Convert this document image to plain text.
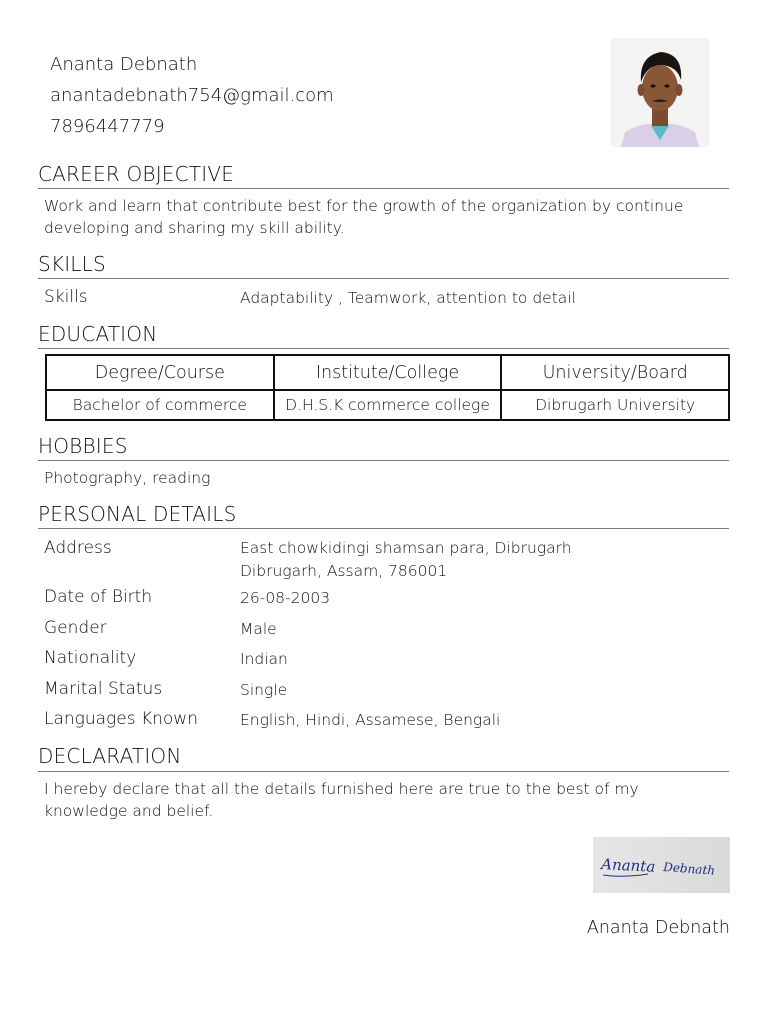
Ananta Debnath
anantadebnath754@gmail.com
7896447779
CAREER OBJECTIVE
Work and learn that contribute best for the growth of the organization by continue developing and sharing my skill ability.
SKILLS
Skills	Adaptability , Teamwork, attention to detail
EDUCATION
Degree/Course	Institute/College	University/Board
Bachelor of commerce	D.H.S.K commerce college	Dibrugarh University
HOBBIES
Photography, reading
PERSONAL DETAILS
Address	East chowkidingi shamsan para, Dibrugarh
Dibrugarh, Assam, 786001
Date of Birth	26-08-2003
Gender	Male
Nationality	Indian
Marital Status	Single
Languages Known	English, Hindi, Assamese, Bengali
DECLARATION
I hereby declare that all the details furnished here are true to the best of my knowledge and belief.
Ananta Debnath
Ananta Debnath
